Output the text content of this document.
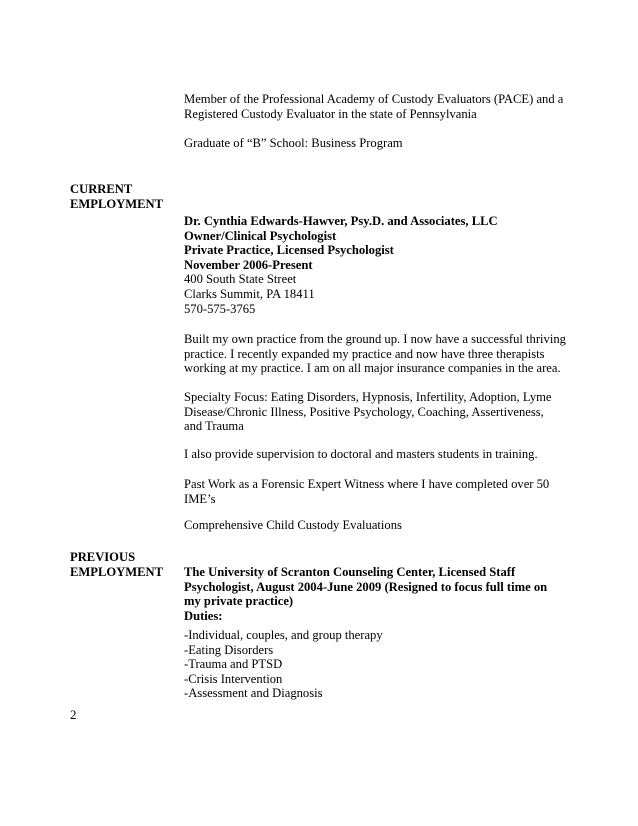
Member of the Professional Academy of Custody Evaluators (PACE) and a

Registered Custody Evaluator in the state of Pennsylvania

Graduate of “B” School: Business Program

CURRENT
EMPLOYMENT

Dr. Cynthia Edwards-Hawver, Psy.D. and Associates, LLC

Owner/Clinical Psychologist

Private Practice, Licensed Psychologist

November 2006-Present

400 South State Street

Clarks Summit, PA 18411

570-575-3765

Built my own practice from the ground up. I now have a successful thriving

practice. I recently expanded my practice and now have three therapists

working at my practice. I am on all major insurance companies in the area.

Specialty Focus: Eating Disorders, Hypnosis, Infertility, Adoption, Lyme

Disease/Chronic Illness, Positive Psychology, Coaching, Assertiveness,

and Trauma

I also provide supervision to doctoral and masters students in training.

Past Work as a Forensic Expert Witness where I have completed over 50

IME’s

Comprehensive Child Custody Evaluations

PREVIOUS
EMPLOYMENT The University of Scranton Counseling Center, Licensed Staff

Psychologist, August 2004-June 2009 (Resigned to focus full time on

my private practice)

Duties:

-Individual, couples, and group therapy

-Eating Disorders

-Trauma and PTSD

-Crisis Intervention

-Assessment and Diagnosis

2
